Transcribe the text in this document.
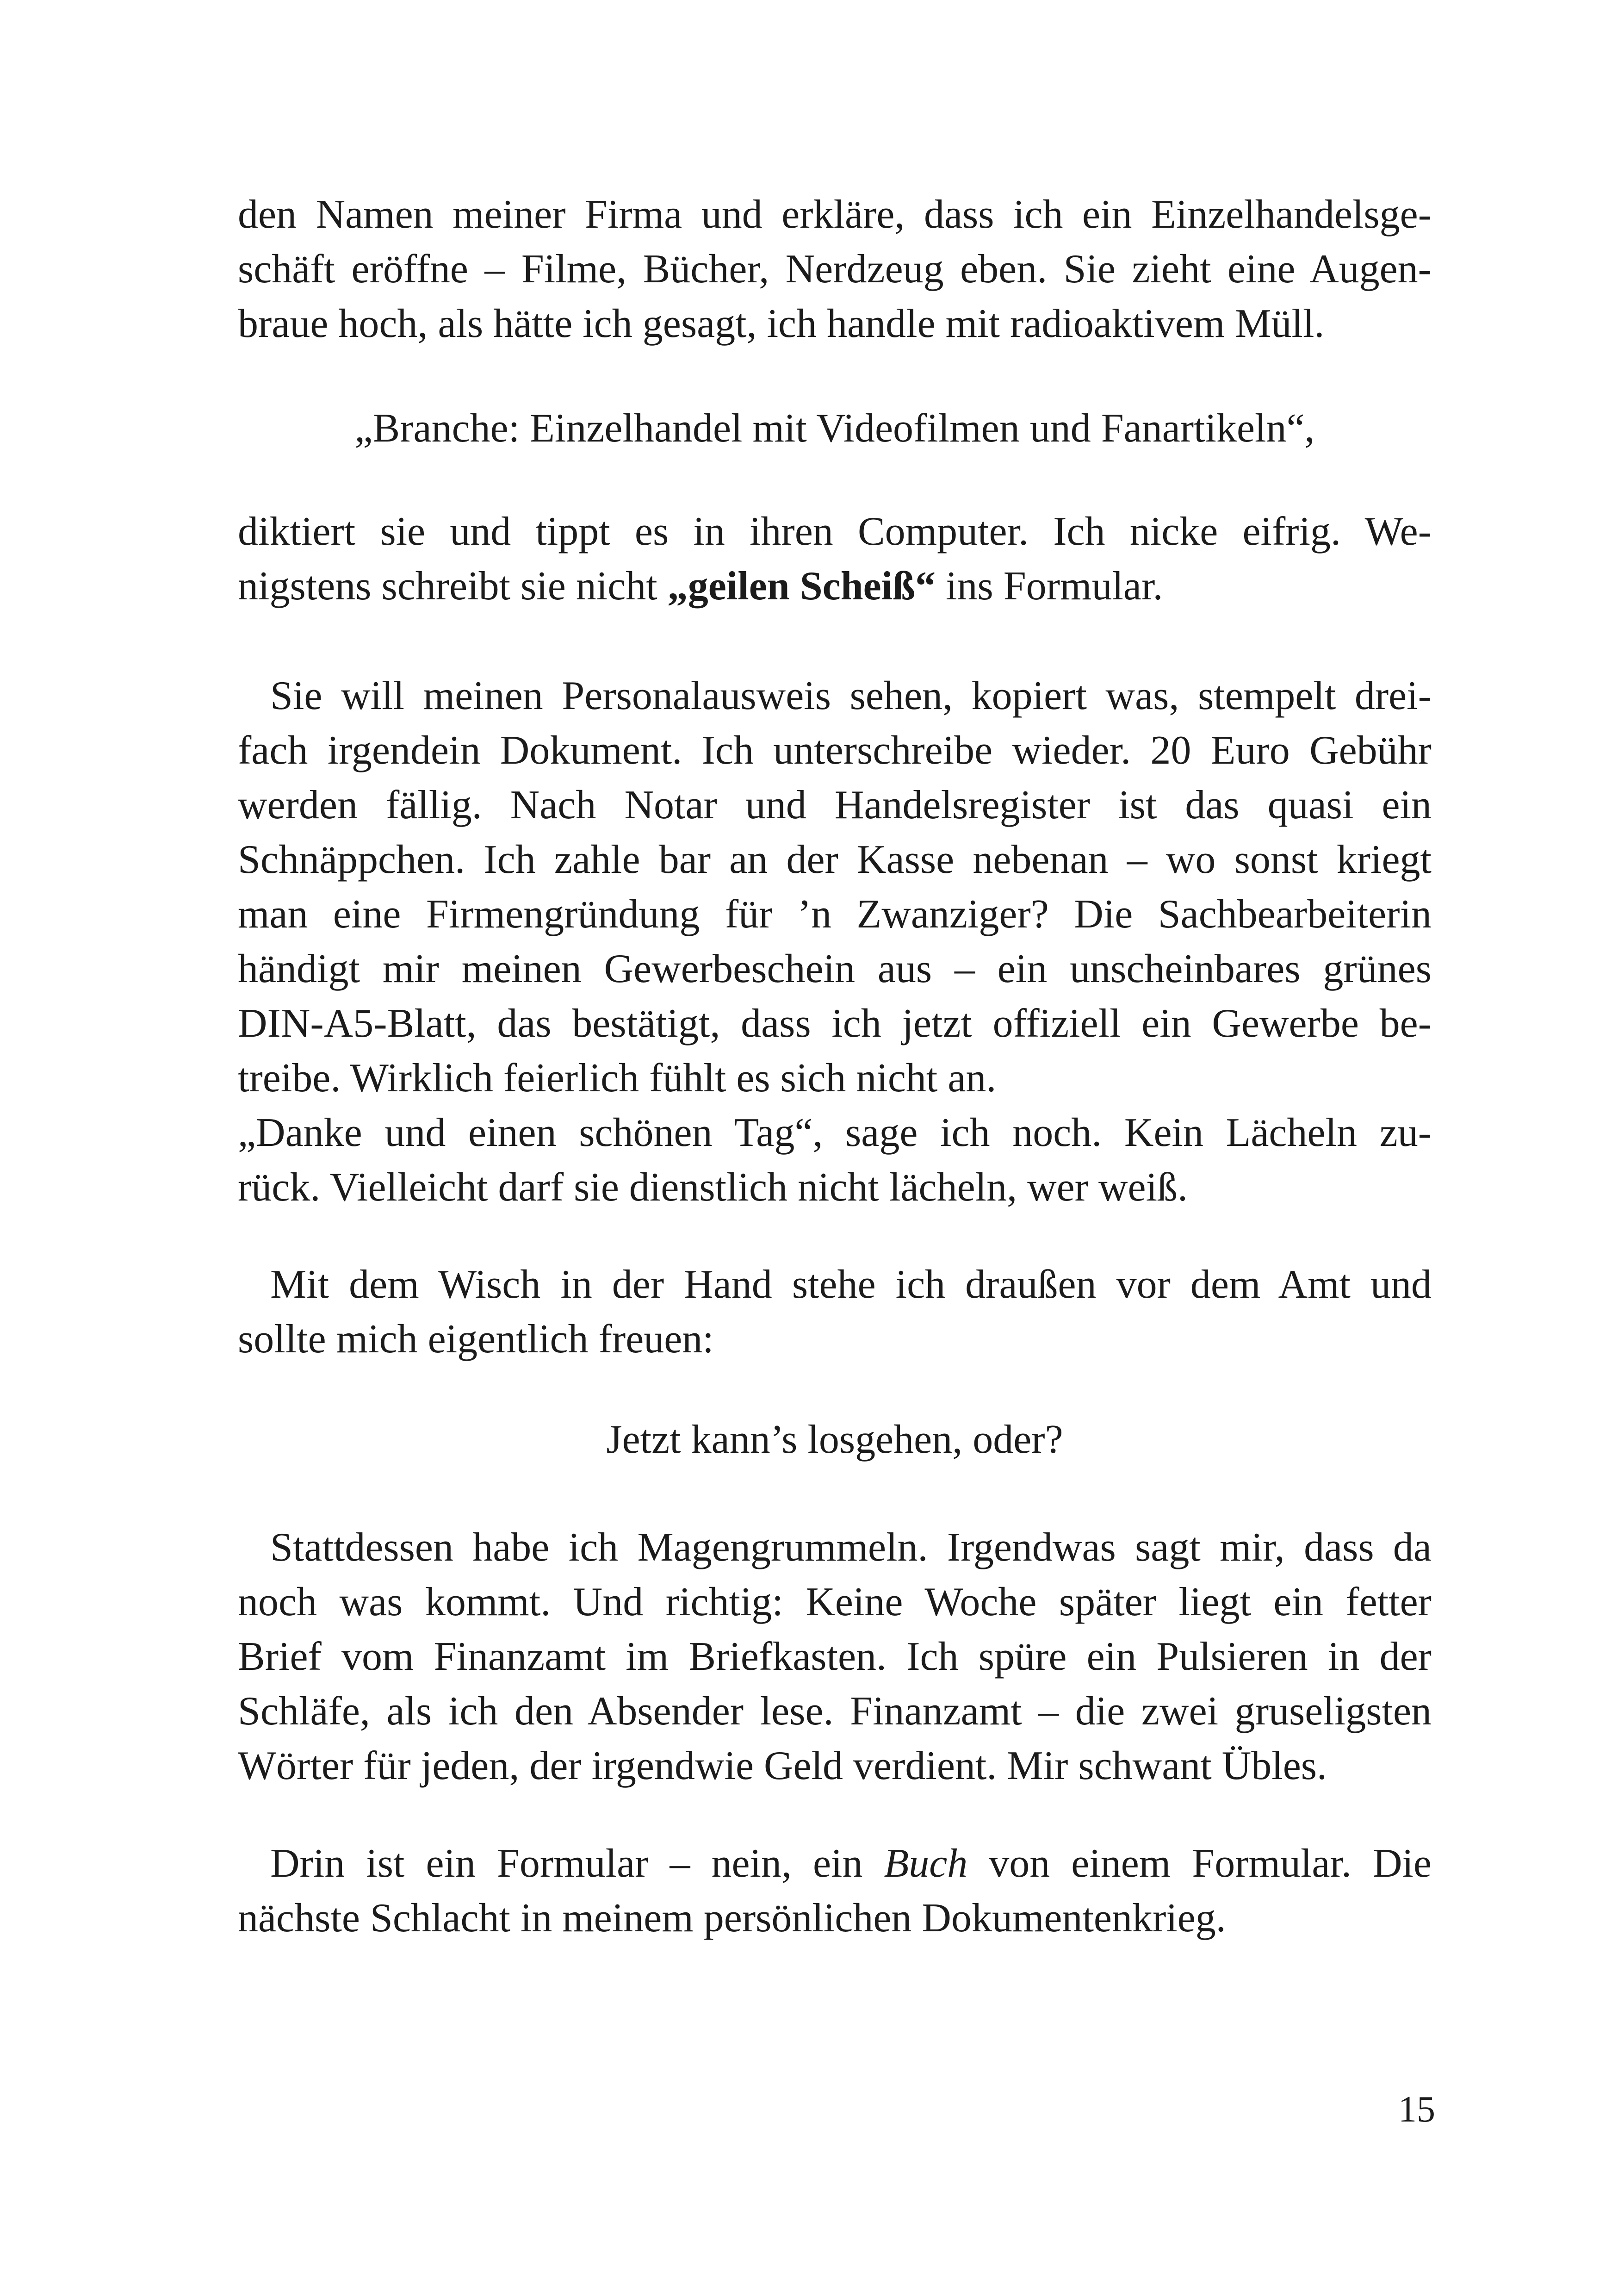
den Namen meiner Firma und erkläre, dass ich ein Einzelhandelsge-
schäft eröffne – Filme, Bücher, Nerdzeug eben. Sie zieht eine Augen-
braue hoch, als hätte ich gesagt, ich handle mit radioaktivem Müll.

„Branche: Einzelhandel mit Videofilmen und Fanartikeln“,

diktiert sie und tippt es in ihren Computer. Ich nicke eifrig. We-
nigstens schreibt sie nicht „geilen Scheiß“ ins Formular.

Sie will meinen Personalausweis sehen, kopiert was, stempelt drei-
fach irgendein Dokument. Ich unterschreibe wieder. 20 Euro Gebühr
werden fällig. Nach Notar und Handelsregister ist das quasi ein
Schnäppchen. Ich zahle bar an der Kasse nebenan – wo sonst kriegt
man eine Firmengründung für ’n Zwanziger? Die Sachbearbeiterin
händigt mir meinen Gewerbeschein aus – ein unscheinbares grünes
DIN-A5-Blatt, das bestätigt, dass ich jetzt offiziell ein Gewerbe be-
treibe. Wirklich feierlich fühlt es sich nicht an.

„Danke und einen schönen Tag“, sage ich noch. Kein Lächeln zu-
rück. Vielleicht darf sie dienstlich nicht lächeln, wer weiß.

Mit dem Wisch in der Hand stehe ich draußen vor dem Amt und
sollte mich eigentlich freuen:

Jetzt kann’s losgehen, oder?

Stattdessen habe ich Magengrummeln. Irgendwas sagt mir, dass da
noch was kommt. Und richtig: Keine Woche später liegt ein fetter
Brief vom Finanzamt im Briefkasten. Ich spüre ein Pulsieren in der
Schläfe, als ich den Absender lese. Finanzamt – die zwei gruseligsten
Wörter für jeden, der irgendwie Geld verdient. Mir schwant Übles.

Drin ist ein Formular – nein, ein Buch von einem Formular. Die
nächste Schlacht in meinem persönlichen Dokumentenkrieg.

15
